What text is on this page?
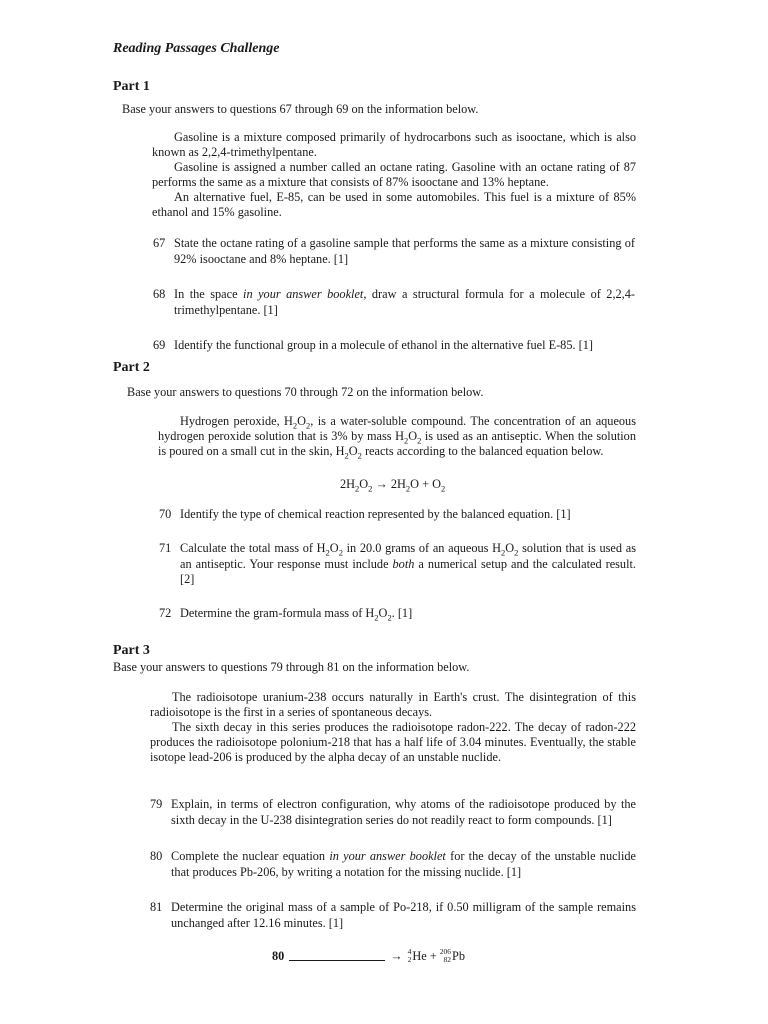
Reading Passages Challenge
Part 1
Base your answers to questions 67 through 69 on the information below.

Gasoline is a mixture composed primarily of hydrocarbons such as isooctane, which is also known as 2,2,4-trimethylpentane.

Gasoline is assigned a number called an octane rating. Gasoline with an octane rating of 87 performs the same as a mixture that consists of 87% isooctane and 13% heptane.

An alternative fuel, E-85, can be used in some automobiles. This fuel is a mixture of 85% ethanol and 15% gasoline.

67 State the octane rating of a gasoline sample that performs the same as a mixture consisting of 92% isooctane and 8% heptane. [1]
68 In the space in your answer booklet, draw a structural formula for a molecule of 2,2,4-trimethylpentane. [1]
69 Identify the functional group in a molecule of ethanol in the alternative fuel E-85. [1]
Part 2
Base your answers to questions 70 through 72 on the information below.

Hydrogen peroxide, $H_2O_2$, is a water-soluble compound. The concentration of an aqueous hydrogen peroxide solution that is 3% by mass $H_2O_2$ is used as an antiseptic. When the solution is poured on a small cut in the skin, $H_2O_2$ reacts according to the balanced equation below.

$2H_2O_2 \to 2H_2O + O_2$
70 Identify the type of chemical reaction represented by the balanced equation. [1]
71 Calculate the total mass of $H_2O_2$ in 20.0 grams of an aqueous $H_2O_2$ solution that is used as an antiseptic. Your response must include both a numerical setup and the calculated result. [2]
72 Determine the gram-formula mass of $H_2O_2$. [1]
Part 3
Base your answers to questions 79 through 81 on the information below.

The radioisotope uranium-238 occurs naturally in Earth's crust. The disintegration of this radioisotope is the first in a series of spontaneous decays.

The sixth decay in this series produces the radioisotope radon-222. The decay of radon-222 produces the radioisotope polonium-218 that has a half life of 3.04 minutes. Eventually, the stable isotope lead-206 is produced by the alpha decay of an unstable nuclide.

79 Explain, in terms of electron configuration, why atoms of the radioisotope produced by the sixth decay in the U-238 disintegration series do not readily react to form compounds. [1]
80 Complete the nuclear equation in your answer booklet for the decay of the unstable nuclide that produces Pb-206, by writing a notation for the missing nuclide. [1]
81 Determine the original mass of a sample of Po-218, if 0.50 milligram of the sample remains unchanged after 12.16 minutes. [1]
80	→ 4
2 He + 206
82 Pb
